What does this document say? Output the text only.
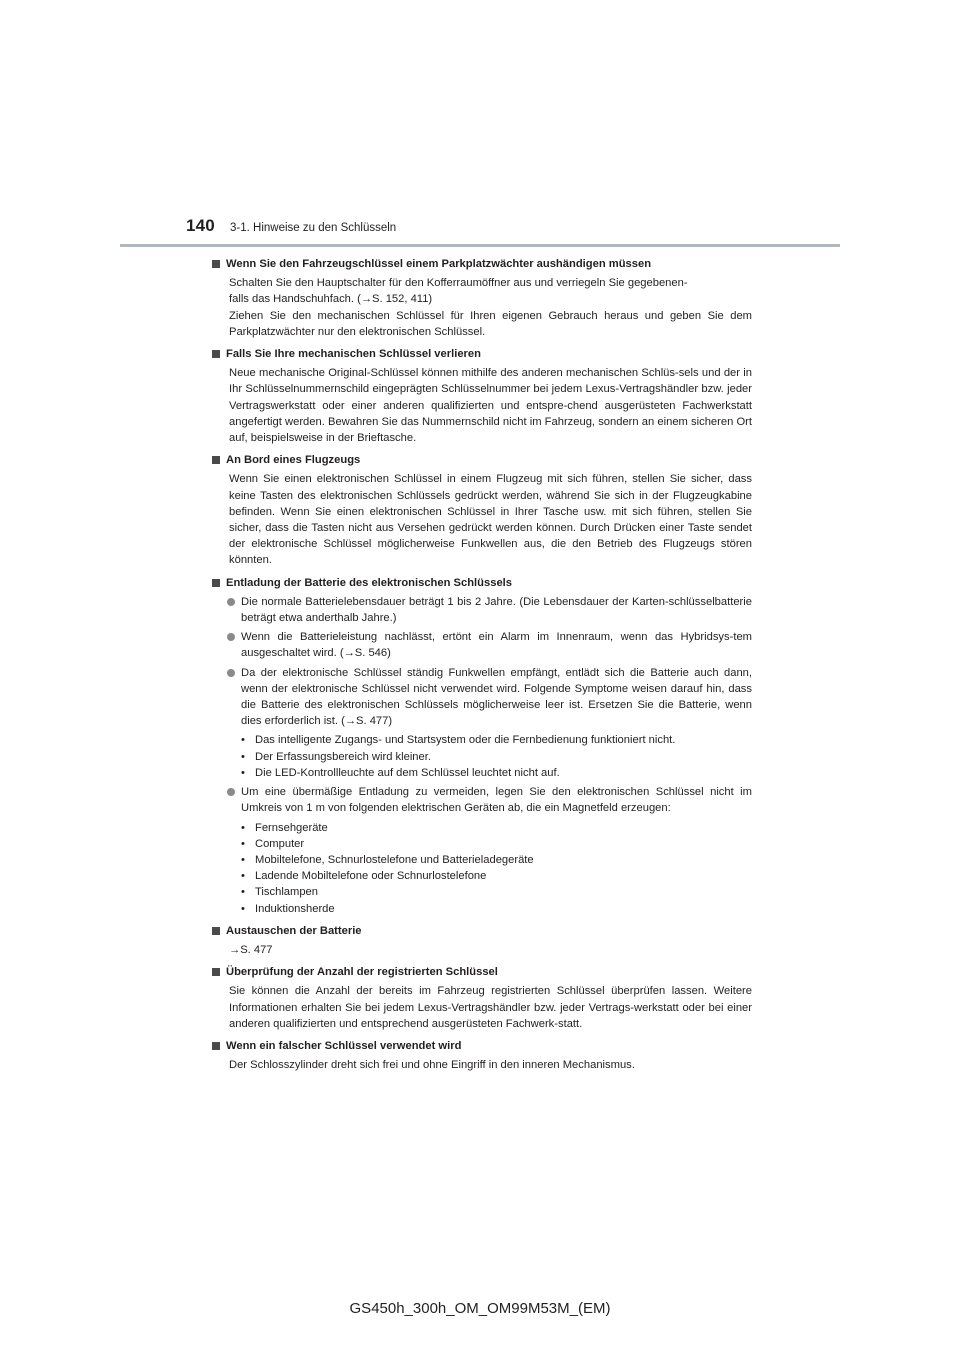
140 3-1. Hinweise zu den Schlüsseln
Wenn Sie den Fahrzeugschlüssel einem Parkplatzwächter aushändigen müssen
Schalten Sie den Hauptschalter für den Kofferraumöffner aus und verriegeln Sie gegebenen-
falls das Handschuhfach. (→S. 152, 411)
Ziehen Sie den mechanischen Schlüssel für Ihren eigenen Gebrauch heraus und geben Sie dem Parkplatzwächter nur den elektronischen Schlüssel.
Falls Sie Ihre mechanischen Schlüssel verlieren
Neue mechanische Original-Schlüssel können mithilfe des anderen mechanischen Schlüs-sels und der in Ihr Schlüsselnummernschild eingeprägten Schlüsselnummer bei jedem Lexus-Vertragshändler bzw. jeder Vertragswerkstatt oder einer anderen qualifizierten und entspre-chend ausgerüsteten Fachwerkstatt angefertigt werden. Bewahren Sie das Nummernschild nicht im Fahrzeug, sondern an einem sicheren Ort auf, beispielsweise in der Brieftasche.
An Bord eines Flugzeugs
Wenn Sie einen elektronischen Schlüssel in einem Flugzeug mit sich führen, stellen Sie sicher, dass keine Tasten des elektronischen Schlüssels gedrückt werden, während Sie sich in der Flugzeugkabine befinden. Wenn Sie einen elektronischen Schlüssel in Ihrer Tasche usw. mit sich führen, stellen Sie sicher, dass die Tasten nicht aus Versehen gedrückt werden können. Durch Drücken einer Taste sendet der elektronische Schlüssel möglicherweise Funkwellen aus, die den Betrieb des Flugzeugs stören könnten.
Entladung der Batterie des elektronischen Schlüssels
Die normale Batterielebensdauer beträgt 1 bis 2 Jahre. (Die Lebensdauer der Karten-schlüsselbatterie beträgt etwa anderthalb Jahre.)
Wenn die Batterieleistung nachlässt, ertönt ein Alarm im Innenraum, wenn das Hybridsys-tem ausgeschaltet wird. (→S. 546)
Da der elektronische Schlüssel ständig Funkwellen empfängt, entlädt sich die Batterie auch dann, wenn der elektronische Schlüssel nicht verwendet wird. Folgende Symptome weisen darauf hin, dass die Batterie des elektronischen Schlüssels möglicherweise leer ist. Ersetzen Sie die Batterie, wenn dies erforderlich ist. (→S. 477)
• Das intelligente Zugangs- und Startsystem oder die Fernbedienung funktioniert nicht.
• Der Erfassungsbereich wird kleiner.
• Die LED-Kontrollleuchte auf dem Schlüssel leuchtet nicht auf.
Um eine übermäßige Entladung zu vermeiden, legen Sie den elektronischen Schlüssel nicht im Umkreis von 1 m von folgenden elektrischen Geräten ab, die ein Magnetfeld erzeugen:
• Fernsehgeräte
• Computer
• Mobiltelefone, Schnurlostelefone und Batterieladegeräte
• Ladende Mobiltelefone oder Schnurlostelefone
• Tischlampen
• Induktionsherde
Austauschen der Batterie
→S. 477
Überprüfung der Anzahl der registrierten Schlüssel
Sie können die Anzahl der bereits im Fahrzeug registrierten Schlüssel überprüfen lassen. Weitere Informationen erhalten Sie bei jedem Lexus-Vertragshändler bzw. jeder Vertrags-werkstatt oder bei einer anderen qualifizierten und entsprechend ausgerüsteten Fachwerk-statt.
Wenn ein falscher Schlüssel verwendet wird
Der Schlosszylinder dreht sich frei und ohne Eingriff in den inneren Mechanismus.
GS450h_300h_OM_OM99M53M_(EM)
